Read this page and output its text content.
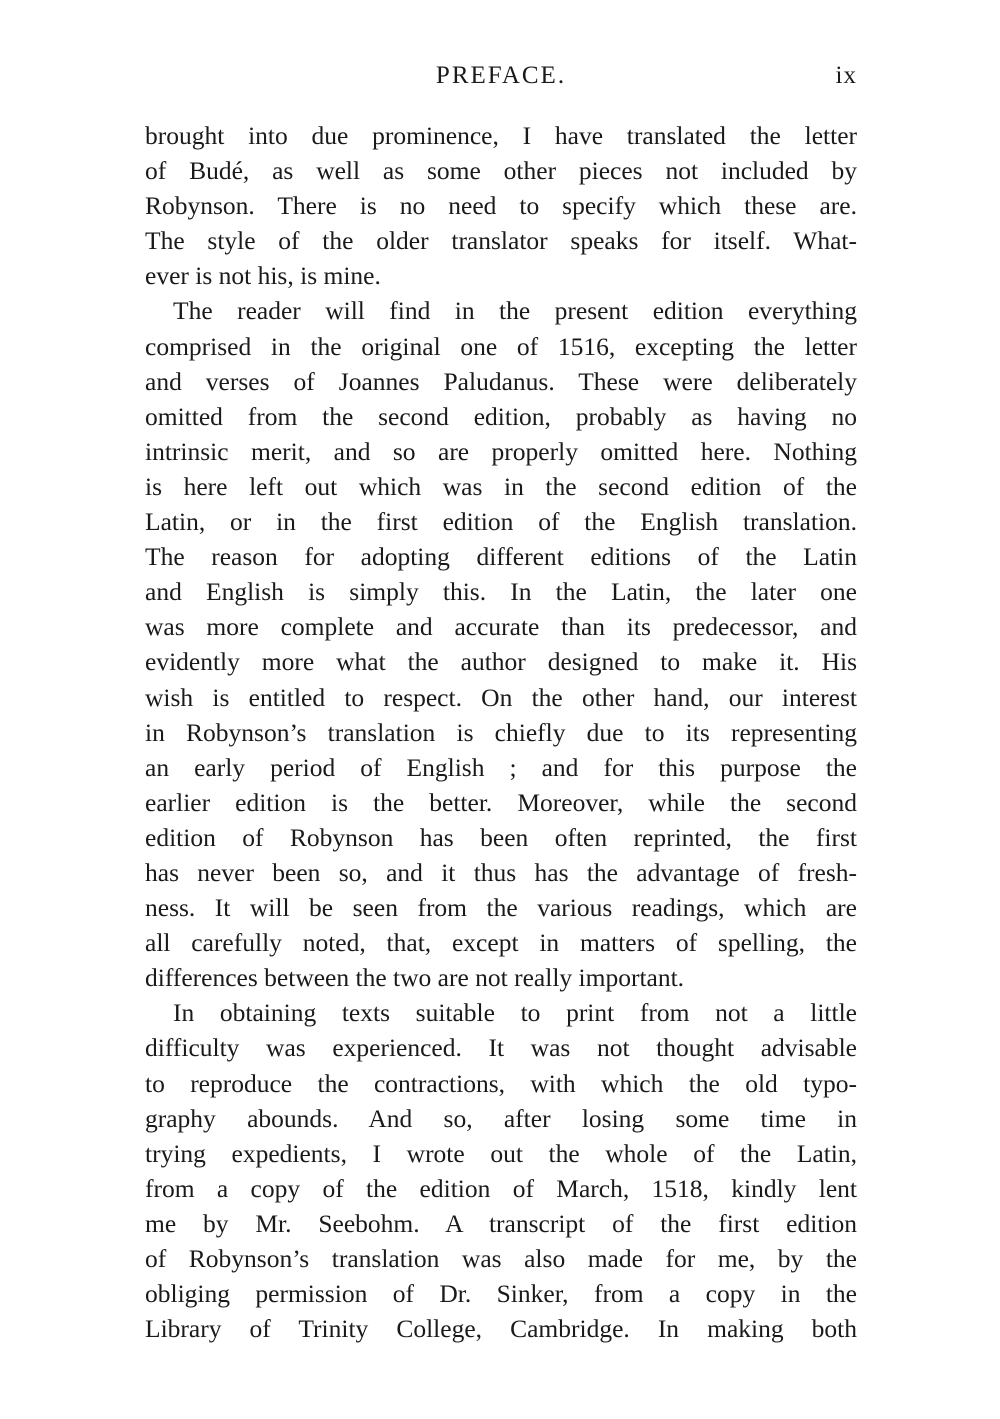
PREFACE.	ix
brought into due prominence, I have translated the letter
of Budé, as well as some other pieces not included by
Robynson. There is no need to specify which these are.
The style of the older translator speaks for itself. What-
ever is not his, is mine.
The reader will find in the present edition everything
comprised in the original one of 1516, excepting the letter
and verses of Joannes Paludanus. These were deliberately
omitted from the second edition, probably as having no
intrinsic merit, and so are properly omitted here. Nothing
is here left out which was in the second edition of the
Latin, or in the first edition of the English translation.
The reason for adopting different editions of the Latin
and English is simply this. In the Latin, the later one
was more complete and accurate than its predecessor, and
evidently more what the author designed to make it. His
wish is entitled to respect. On the other hand, our interest
in Robynson’s translation is chiefly due to its representing
an early period of English ; and for this purpose the
earlier edition is the better. Moreover, while the second
edition of Robynson has been often reprinted, the first
has never been so, and it thus has the advantage of fresh-
ness. It will be seen from the various readings, which are
all carefully noted, that, except in matters of spelling, the
differences between the two are not really important.
In obtaining texts suitable to print from not a little
difficulty was experienced. It was not thought advisable
to reproduce the contractions, with which the old typo-
graphy abounds. And so, after losing some time in
trying expedients, I wrote out the whole of the Latin,
from a copy of the edition of March, 1518, kindly lent
me by Mr. Seebohm. A transcript of the first edition
of Robynson’s translation was also made for me, by the
obliging permission of Dr. Sinker, from a copy in the
Library of Trinity College, Cambridge. In making both
